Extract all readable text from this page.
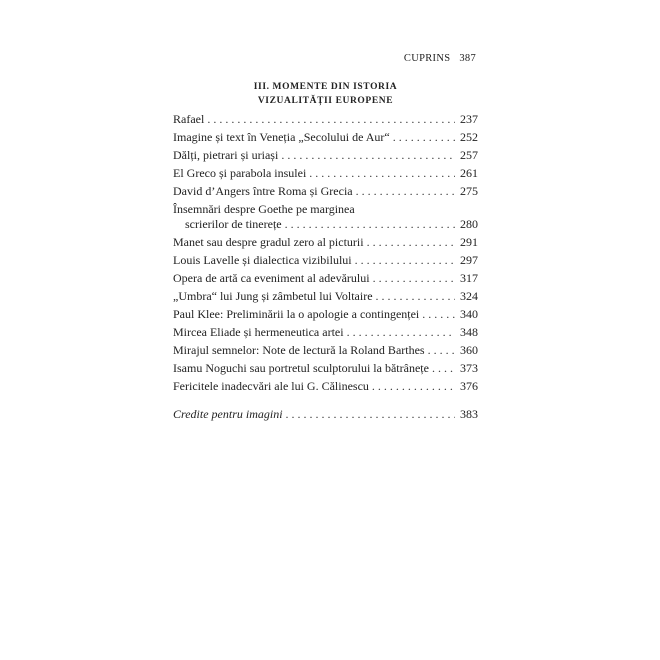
CUPRINS 387
III. MOMENTE DIN ISTORIA
VIZUALITĂȚII EUROPENE
Rafael . . .	237
Imagine și text în Veneția „Secolului de Aur“ . . .	252
Dălți, pietrari și uriași . . .	257
El Greco și parabola insulei . . .	261
David d’Angers între Roma și Grecia . . .	275
Însemnări despre Goethe pe marginea
scrierilor de tinerețe . . .	280
Manet sau despre gradul zero al picturii . . .	291
Louis Lavelle și dialectica vizibilului . . .	297
Opera de artă ca eveniment al adevărului . . .	317
„Umbra“ lui Jung și zâmbetul lui Voltaire . . .	324
Paul Klee: Preliminării la o apologie a contingenței . . .	340
Mircea Eliade și hermeneutica artei . . .	348
Mirajul semnelor: Note de lectură la Roland Barthes . . .	360
Isamu Noguchi sau portretul sculptorului la bătrânețe . . .	373
Fericitele inadecvări ale lui G. Călinescu . . .	376
Credite pentru imagini . . .	383
